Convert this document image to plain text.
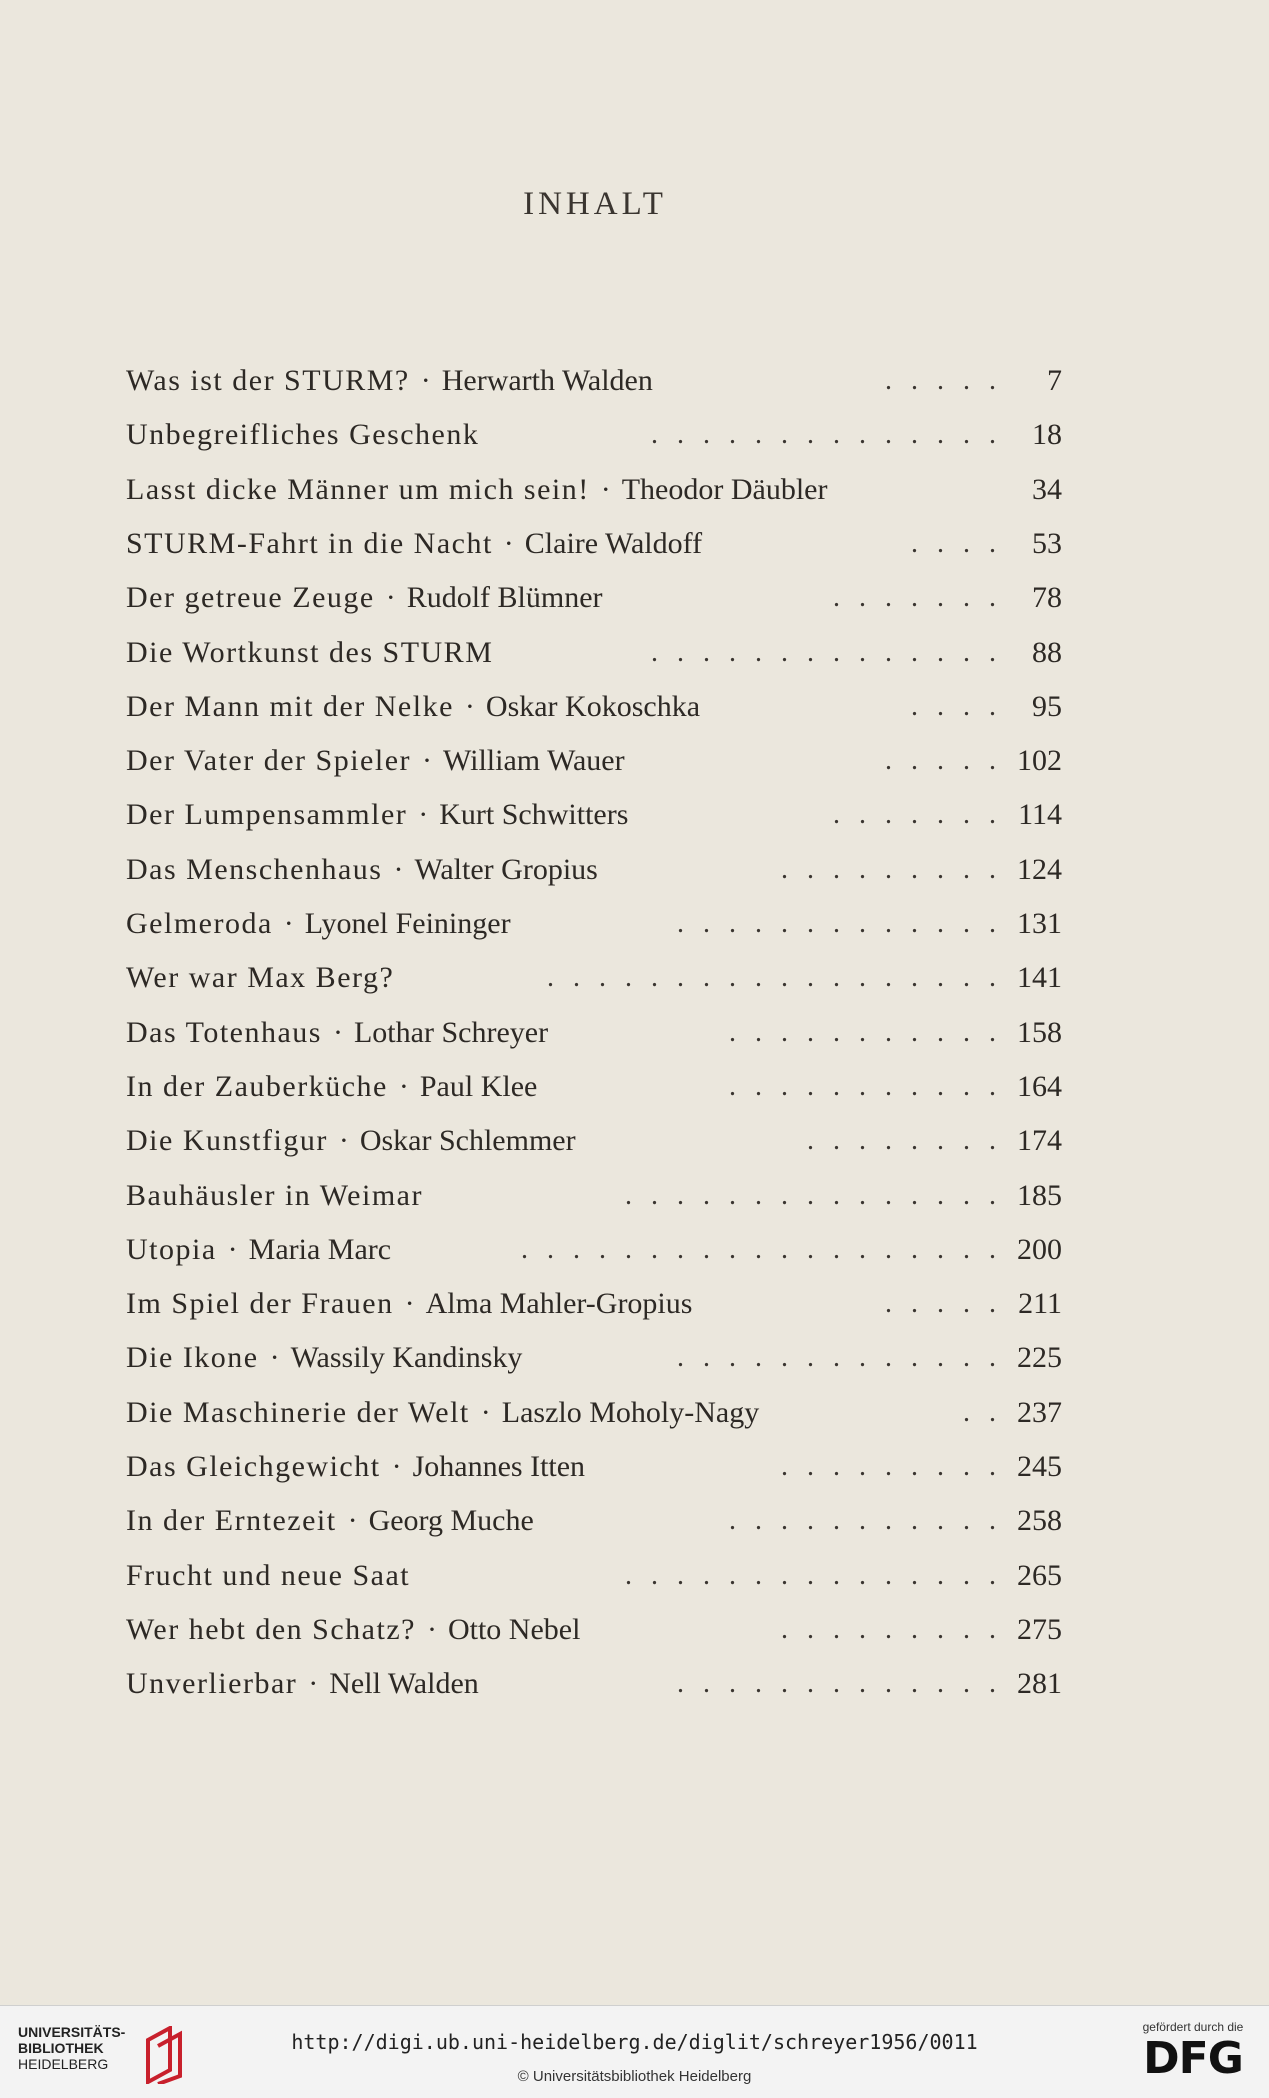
INHALT
Was ist der STURM? · Herwarth Walden	. . . . . 7
Unbegreifliches Geschenk	. . . . . . . . . . . . . . 18
Lasst dicke Männer um mich sein! · Theodor Däubler	34
STURM-Fahrt in die Nacht · Claire Waldoff	. . . . 53
Der getreue Zeuge · Rudolf Blümner	. . . . . . . 78
Die Wortkunst des STURM	. . . . . . . . . . . . . . 88
Der Mann mit der Nelke · Oskar Kokoschka	. . . . 95
Der Vater der Spieler · William Wauer	. . . . . 102
Der Lumpensammler · Kurt Schwitters	. . . . . . . 114
Das Menschenhaus · Walter Gropius	. . . . . . . . . 124
Gelmeroda · Lyonel Feininger	. . . . . . . . . . . . . 131
Wer war Max Berg?	. . . . . . . . . . . . . . . . . . 141
Das Totenhaus · Lothar Schreyer	. . . . . . . . . . . 158
In der Zauberküche · Paul Klee	. . . . . . . . . . . 164
Die Kunstfigur · Oskar Schlemmer	. . . . . . . . 174
Bauhäusler in Weimar	. . . . . . . . . . . . . . . 185
Utopia · Maria Marc	. . . . . . . . . . . . . . . . . . . 200
Im Spiel der Frauen · Alma Mahler-Gropius	. . . . . 211
Die Ikone · Wassily Kandinsky	. . . . . . . . . . . . . 225
Die Maschinerie der Welt · Laszlo Moholy-Nagy	. . 237
Das Gleichgewicht · Johannes Itten	. . . . . . . . . 245
In der Erntezeit · Georg Muche	. . . . . . . . . . . 258
Frucht und neue Saat	. . . . . . . . . . . . . . . 265
Wer hebt den Schatz? · Otto Nebel	. . . . . . . . . 275
Unverlierbar · Nell Walden	. . . . . . . . . . . . . 281
UNIVERSITÄTS-
BIBLIOTHEK
HEIDELBERG
http://digi.ub.uni-heidelberg.de/diglit/schreyer1956/0011
© Universitätsbibliothek Heidelberg
gefördert durch die
DFG
